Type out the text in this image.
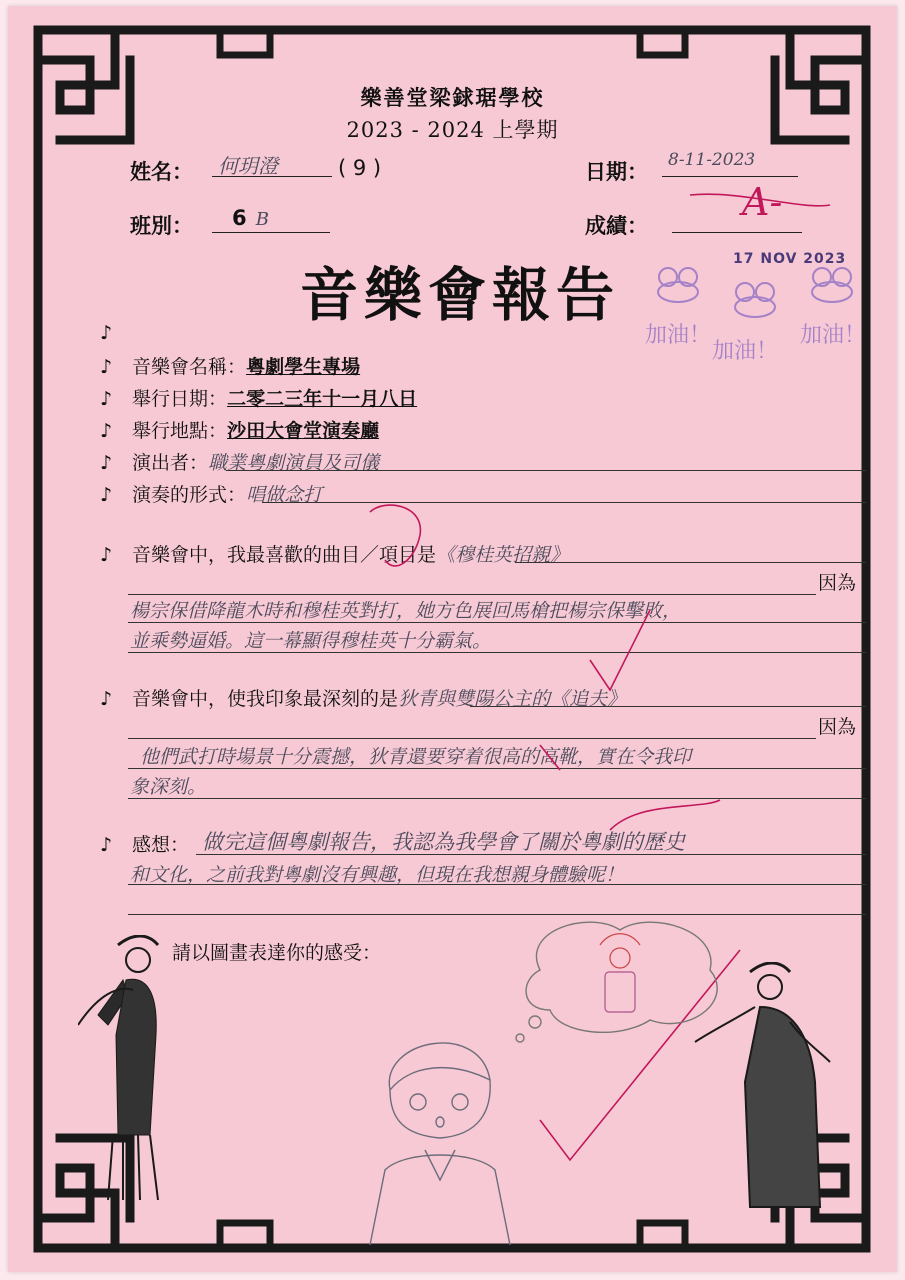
樂善堂梁銶琚學校
2023 - 2024 上學期
姓名：	何玥澄	( 9 )	日期：	8-11-2023
班別：	6 B	成績：
A-
音樂會報告
17 NOV 2023
加油！
加油！
加油！
♪
♪ 音樂會名稱：粵劇學生專場
♪ 舉行日期：二零二三年十一月八日
♪ 舉行地點：沙田大會堂演奏廳
♪ 演出者：職業粵劇演員及司儀
♪ 演奏的形式：唱做念打
♪ 音樂會中，我最喜歡的曲目／項目是《穆桂英招親》
因為
楊宗保借降龍木時和穆桂英對打，她方色展回馬槍把楊宗保擊敗，
並乘勢逼婚。這一幕顯得穆桂英十分霸氣。
♪ 音樂會中，使我印象最深刻的是狄青與雙陽公主的《追夫》
因為
他們武打時場景十分震撼，狄青還要穿着很高的高靴，實在令我印
象深刻。
♪ 感想： 做完這個粵劇報告，我認為我學會了關於粵劇的歷史
和文化，之前我對粵劇沒有興趣，但現在我想親身體驗呢！
請以圖畫表達你的感受：
